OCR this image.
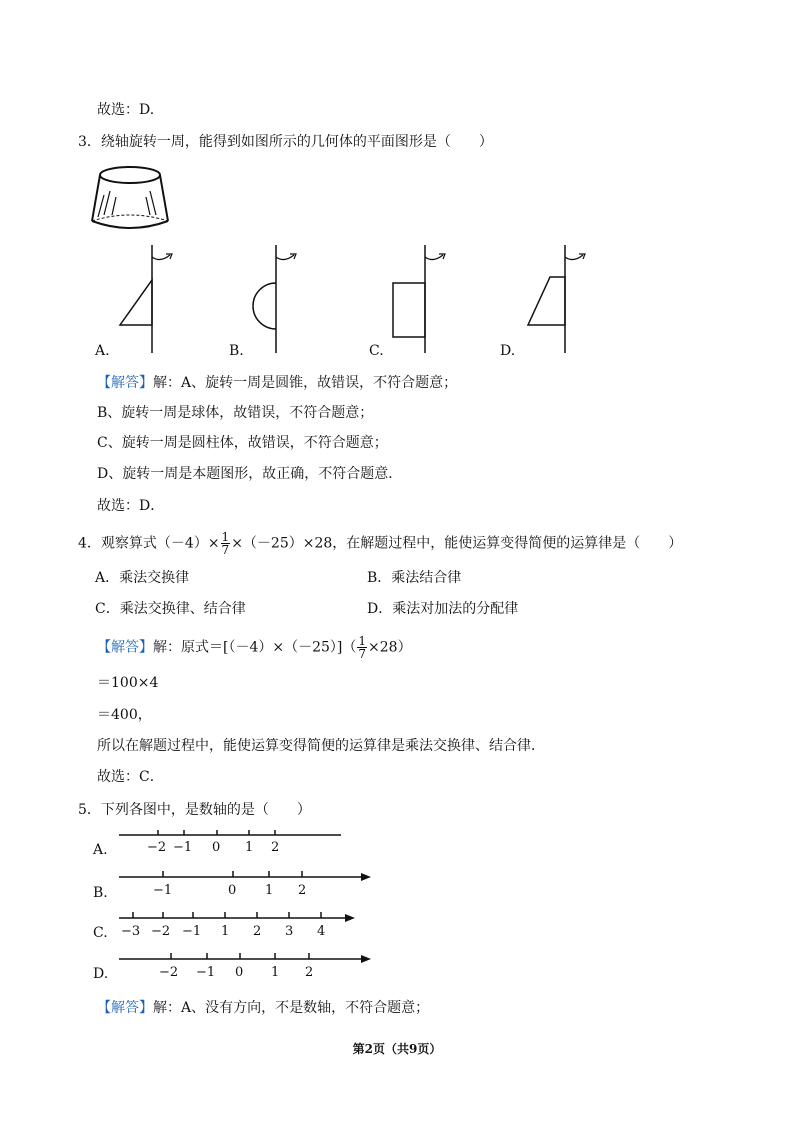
故选：D.
3．绕轴旋转一周，能得到如图所示的几何体的平面图形是（　　）
A.	B.	C.	D.
【解答】解：A、旋转一周是圆锥，故错误，不符合题意；
B、旋转一周是球体，故错误，不符合题意；
C、旋转一周是圆柱体，故错误，不符合题意；
D、旋转一周是本题图形，故正确，不符合题意．
故选：D．
4．观察算式$(-4)\times \frac{1}{7} \times(-25)\times 28$，在解题过程中，能使运算变得简便的运算律是（　　）
A．乘法交换律	B．乘法结合律
C．乘法交换律、结合律	D．乘法对加法的分配律
【解答】解：原式$=[(-4)\times(-25)]( \frac{1}{7} \times 28)$
＝100×4
＝400，
所以在解题过程中，能使运算变得简便的运算律是乘法交换律、结合律．
故选：C．
5．下列各图中，是数轴的是（　　）
A.
B.
C.
D.
−2 −1 0 1 2
−1	0 1 2
−3 −2 −1 1 2 3 4
−2 −1 0 1 2
【解答】解：A、没有方向，不是数轴，不符合题意；
第2页（共9页）
